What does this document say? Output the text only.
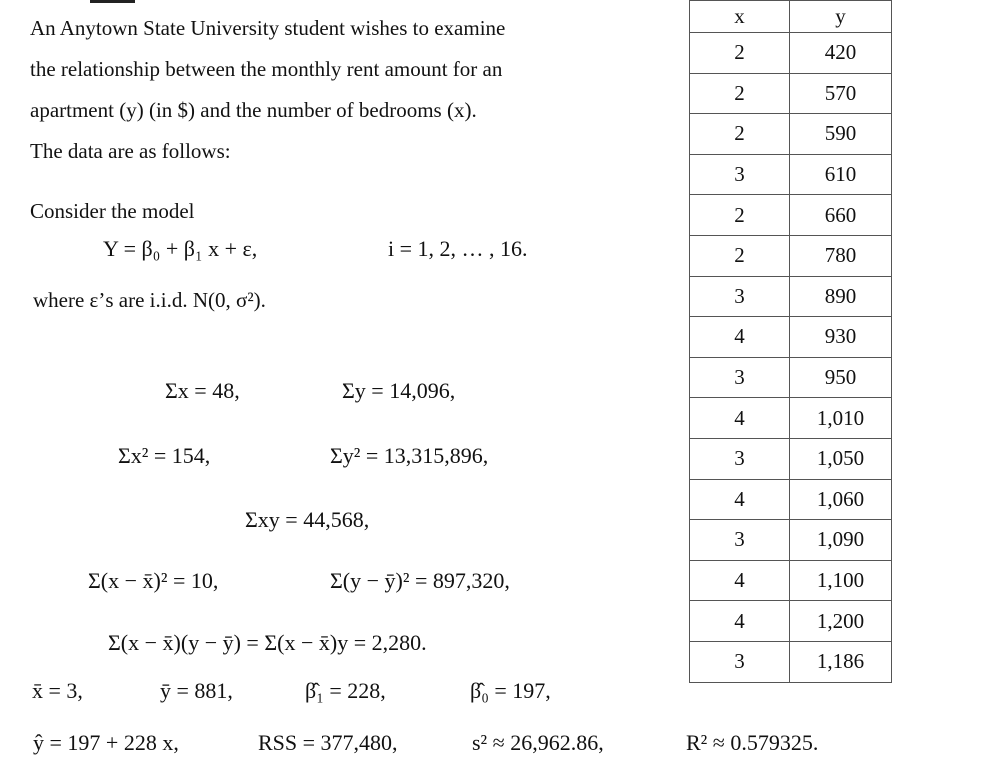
An Anytown State University student wishes to examine
the relationship between the monthly rent amount for an
apartment (y) (in $) and the number of bedrooms (x).
The data are as follows:
Consider the model
Y = β₀ + β₁ x + ε,	i = 1, 2, … , 16.
where ε’s are i.i.d. N(0, σ²).
Σx = 48,	Σy = 14,096,
Σx² = 154,	Σy² = 13,315,896,
Σxy = 44,568,
Σ(x − x̄)² = 10,	Σ(y − ȳ)² = 897,320,
Σ(x − x̄)(y − ȳ) = Σ(x − x̄)y = 2,280.
x̄ = 3,	ȳ = 881,	β̂₁ = 228,	β̂₀ = 197,
ŷ = 197 + 228 x,	RSS = 377,480,	s² ≈ 26,962.86,	R² ≈ 0.579325.
x	y
2	420
2	570
2	590
3	610
2	660
2	780
3	890
4	930
3	950
4	1,010
3	1,050
4	1,060
3	1,090
4	1,100
4	1,200
3	1,186
